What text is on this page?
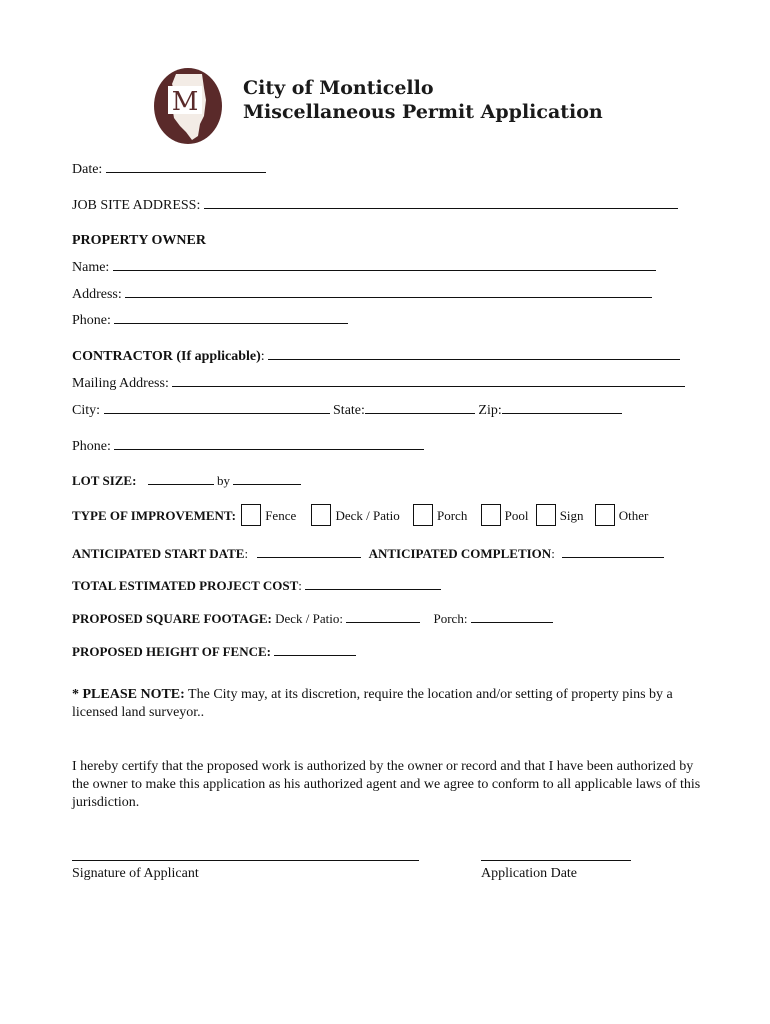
M City of Monticello
Miscellaneous Permit Application
Date:
JOB SITE ADDRESS:
PROPERTY OWNER
Name:
Address:
Phone:
CONTRACTOR (If applicable):
Mailing Address:
City:	State:	Zip:
Phone:
LOT SIZE:	by
TYPE OF IMPROVEMENT: Fence	Deck / Patio	Porch	Pool Sign	Other
ANTICIPATED START DATE:	ANTICIPATED COMPLETION:
TOTAL ESTIMATED PROJECT COST:
PROPOSED SQUARE FOOTAGE: Deck / Patio:	Porch:
PROPOSED HEIGHT OF FENCE:
* PLEASE NOTE: The City may, at its discretion, require the location and/or setting of property pins by a licensed land surveyor..
I hereby certify that the proposed work is authorized by the owner or record and that I have been authorized by the owner to make this application as his authorized agent and we agree to conform to all applicable laws of this jurisdiction.
Signature of Applicant	Application Date
